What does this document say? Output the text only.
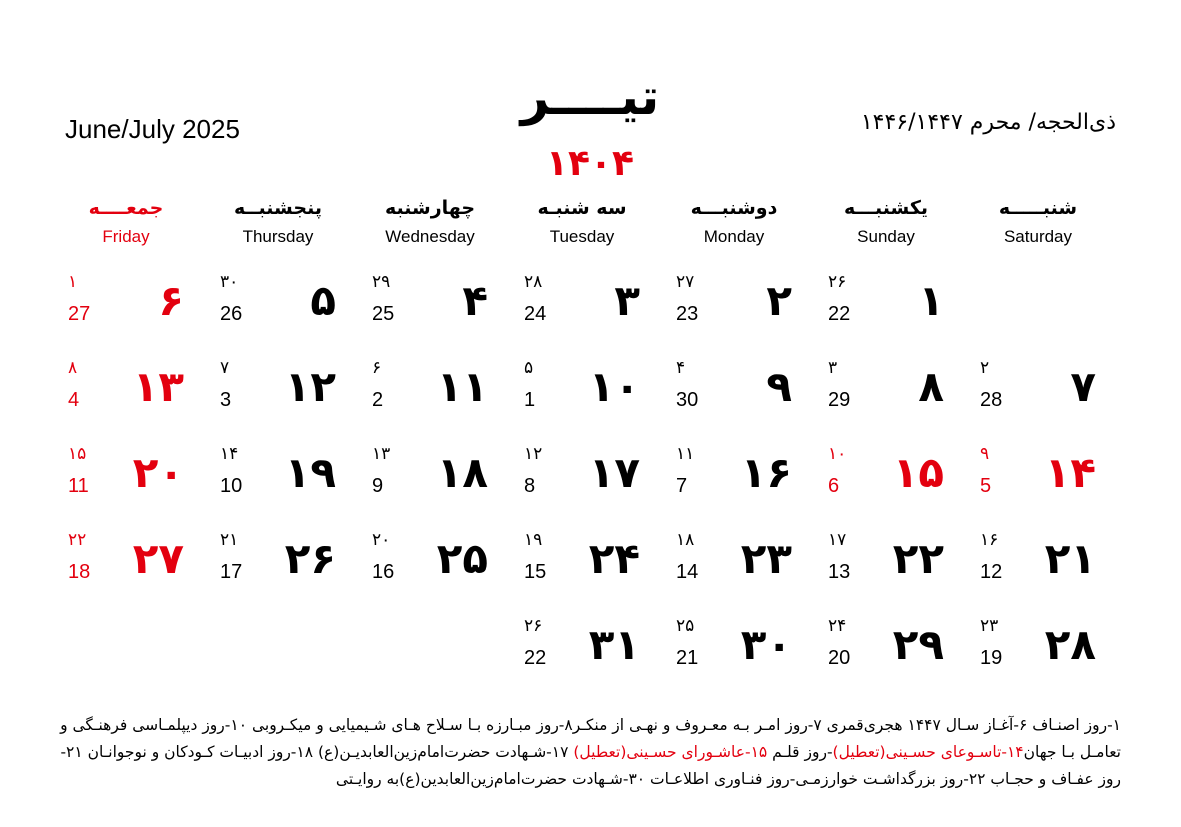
تیــــر
۱۴۰۴
June/July 2025	ذی‌الحجه/ محرم ۱۴۴۶/۱۴۴۷
شنبـــــه
Saturday
یکشنبـــه
Sunday
دوشنبـــه
Monday
سه شنبـه
Tuesday
چهارشنبه
Wednesday
پنجشنبــه
Thursday
جمعــــه
Friday
۱
۲۶
22
۲
۲۷
23
۳
۲۸
24
۴
۲۹
25
۵
۳۰
26
۶
۱
27
۷
۲
28
۸
۳
29
۹
۴
30
۱۰
۵
1
۱۱
۶
2
۱۲
۷
3
۱۳
۸
4
۱۴
۹
5
۱۵
۱۰
6
۱۶
۱۱
7
۱۷
۱۲
8
۱۸
۱۳
9
۱۹
۱۴
10
۲۰
۱۵
11
۲۱
۱۶
12
۲۲
۱۷
13
۲۳
۱۸
14
۲۴
۱۹
15
۲۵
۲۰
16
۲۶
۲۱
17
۲۷
۲۲
18
۲۸
۲۳
19
۲۹
۲۴
20
۳۰
۲۵
21
۳۱
۲۶
22
۱-روز اصنـاف ۶-آغـاز سـال ۱۴۴۷ هجری‌قمری ۷-روز امـر بـه معـروف و نهـی از منکـر۸-روز مبـارزه بـا سـلاح هـای شـیمیایی و میکـروبی ۱۰-روز دیپلمـاسی فرهنـگی و تعامـل بـا جهان۱۴-تاسـوعای حسـینی(تعطیل)-روز قلـم ۱۵-عاشـورای حسـینی(تعطیل) ۱۷-شـهادت حضرت‌امام‌زین‌العابدیـن(ع) ۱۸-روز ادبیـات کـودکان و نوجوانـان ۲۱-روز عفـاف و حجـاب ۲۲-روز بزرگداشـت خوارزمـی-روز فنـاوری اطلاعـات ۳۰-شـهادت حضرت‌امام‌زین‌العابدین(ع)به روایـتی
